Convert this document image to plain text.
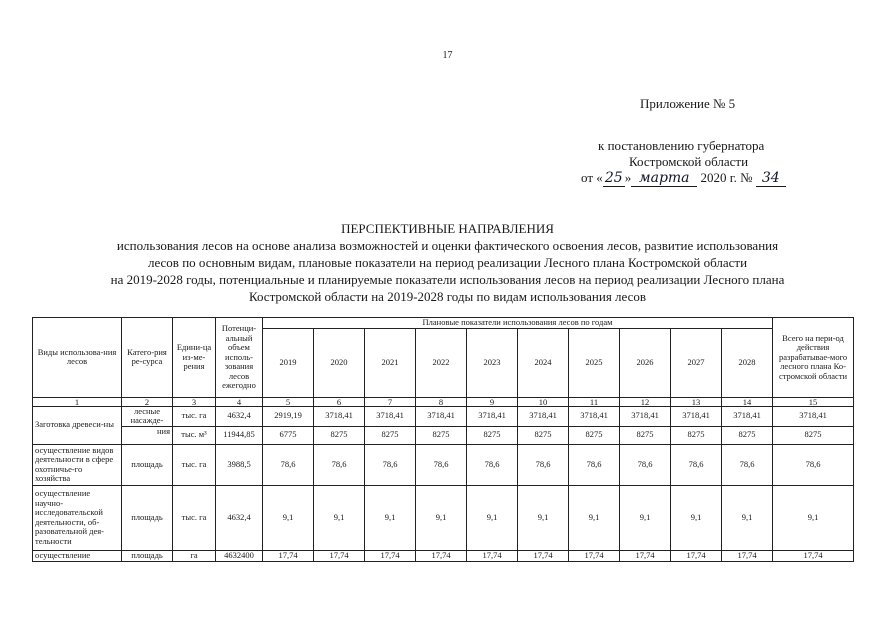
17
Приложение № 5
к постановлению губернатора
Костромской области
от « 25 » марта 2020 г. № 34
ПЕРСПЕКТИВНЫЕ НАПРАВЛЕНИЯ
использования лесов на основе анализа возможностей и оценки фактического освоения лесов, развитие использования
лесов по основным видам, плановые показатели на период реализации Лесного плана Костромской области
на 2019-2028 годы, потенциальные и планируемые показатели использования лесов на период реализации Лесного плана
Костромской области на 2019-2028 годы по видам использования лесов
Виды использова-ния лесов	Катего-рия ре-сурса	Едини-ца из-ме-рения	Потенци-альный объем исполь-зования лесов ежегодно	Плановые показатели использования лесов по годам										Всего на пери-од действия разрабатывае-мого лесного плана Ко-стромской области
				2019	2020	2021	2022	2023	2024	2025	2026	2027	2028	
1	2	3	4	5	6	7	8	9	10	11	12	13	14	15
Заготовка древеси-ны	лесные насажде-	тыс. га	4632,4	2919,19	3718,41	3718,41	3718,41	3718,41	3718,41	3718,41	3718,41	3718,41	3718,41	3718,41
	ния	тыс. м³	11944,85	6775	8275	8275	8275	8275	8275	8275	8275	8275	8275	8275
осуществление видов деятельности в сфере охотничье-го хозяйства	площадь	тыс. га	3988,5	78,6	78,6	78,6	78,6	78,6	78,6	78,6	78,6	78,6	78,6	78,6
осуществление научно-исследовательской деятельности, об-разовательной дея-тельности	площадь	тыс. га	4632,4	9,1	9,1	9,1	9,1	9,1	9,1	9,1	9,1	9,1	9,1	9,1
осуществление	площадь	га	4632400	17,74	17,74	17,74	17,74	17,74	17,74	17,74	17,74	17,74	17,74	17,74
